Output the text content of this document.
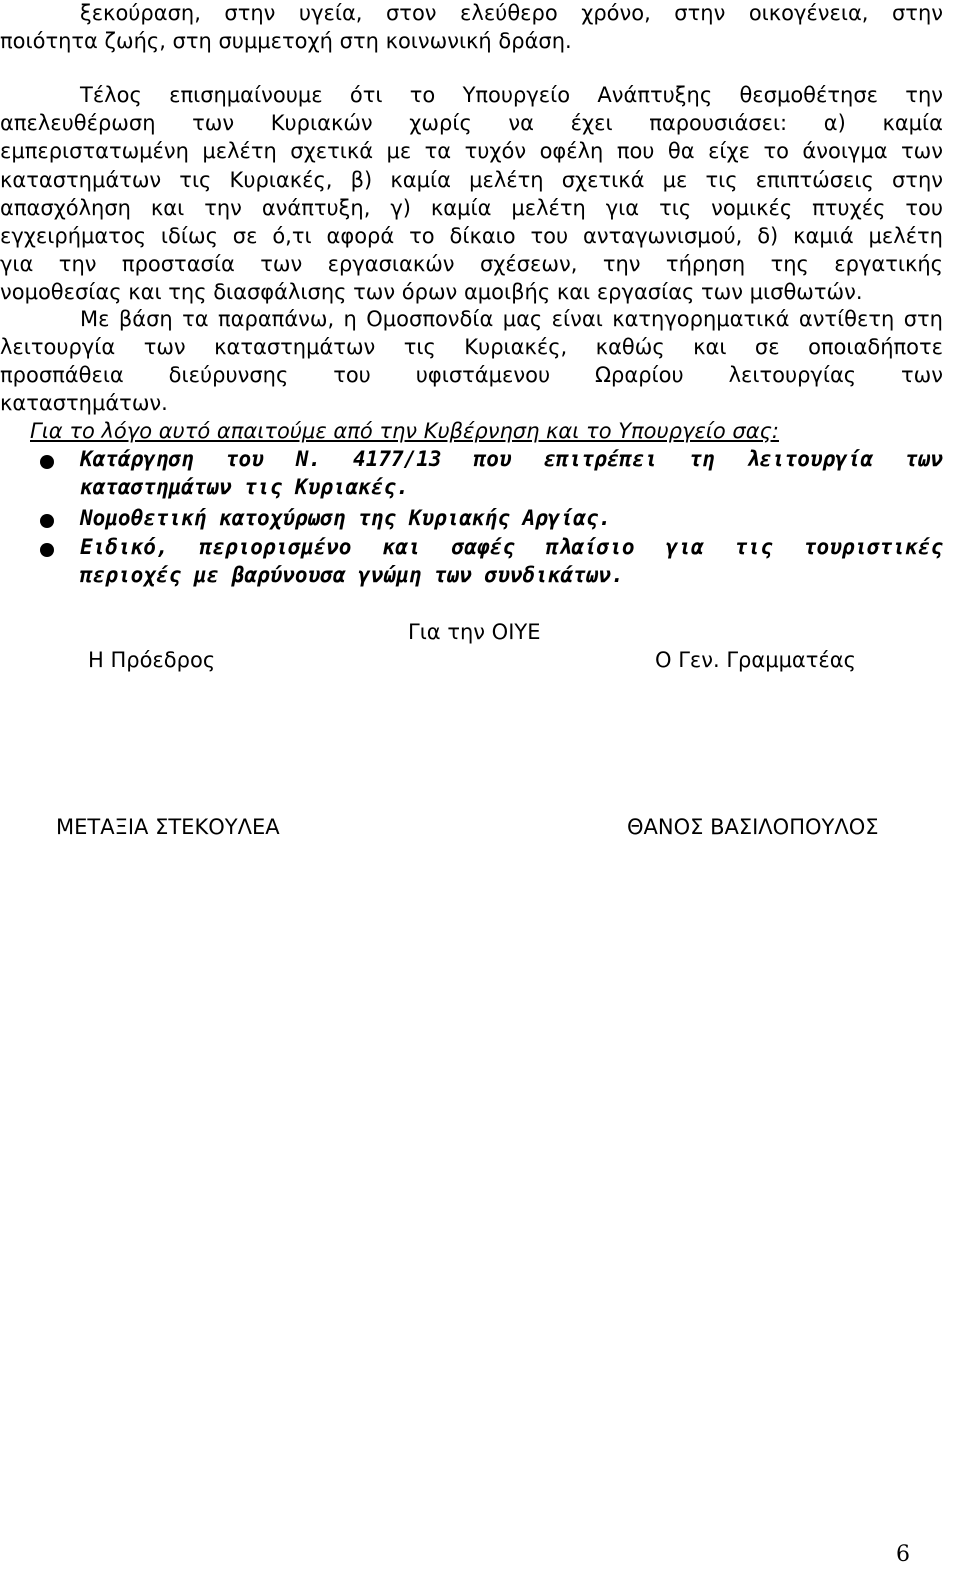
ξεκούραση, στην υγεία, στον ελεύθερο χρόνο, στην οικογένεια, στην
ποιότητα ζωής, στη συμμετοχή στη κοινωνική δράση.
Τέλος επισημαίνουμε ότι το Υπουργείο Ανάπτυξης θεσμοθέτησε την
απελευθέρωση των Κυριακών χωρίς να έχει παρουσιάσει: α) καμία
εμπεριστατωμένη μελέτη σχετικά με τα τυχόν οφέλη που θα είχε το άνοιγμα των
καταστημάτων τις Κυριακές, β) καμία μελέτη σχετικά με τις επιπτώσεις στην
απασχόληση και την ανάπτυξη, γ) καμία μελέτη για τις νομικές πτυχές του
εγχειρήματος ιδίως σε ό,τι αφορά το δίκαιο του ανταγωνισμού, δ) καμιά μελέτη
για την προστασία των εργασιακών σχέσεων, την τήρηση της εργατικής
νομοθεσίας και της διασφάλισης των όρων αμοιβής και εργασίας των μισθωτών.
Με βάση τα παραπάνω, η Ομοσπονδία μας είναι κατηγορηματικά αντίθετη στη
λειτουργία των καταστημάτων τις Κυριακές, καθώς και σε οποιαδήποτε
προσπάθεια διεύρυνσης του υφιστάμενου Ωραρίου λειτουργίας των
καταστημάτων.
Για το λόγο αυτό απαιτούμε από την Κυβέρνηση και το Υπουργείο σας:
Κατάργηση του Ν. 4177/13 που επιτρέπει τη λειτουργία των
καταστημάτων τις Κυριακές.
Νομοθετική κατοχύρωση της Κυριακής Αργίας.
Ειδικό, περιορισμένο και σαφές πλαίσιο για τις τουριστικές
περιοχές με βαρύνουσα γνώμη των συνδικάτων.
Για την ΟΙΥΕ
Η Πρόεδρος	Ο Γεν. Γραμματέας
ΜΕΤΑΞΙΑ ΣΤΕΚΟΥΛΕΑ	ΘΑΝΟΣ ΒΑΣΙΛΟΠΟΥΛΟΣ
6
